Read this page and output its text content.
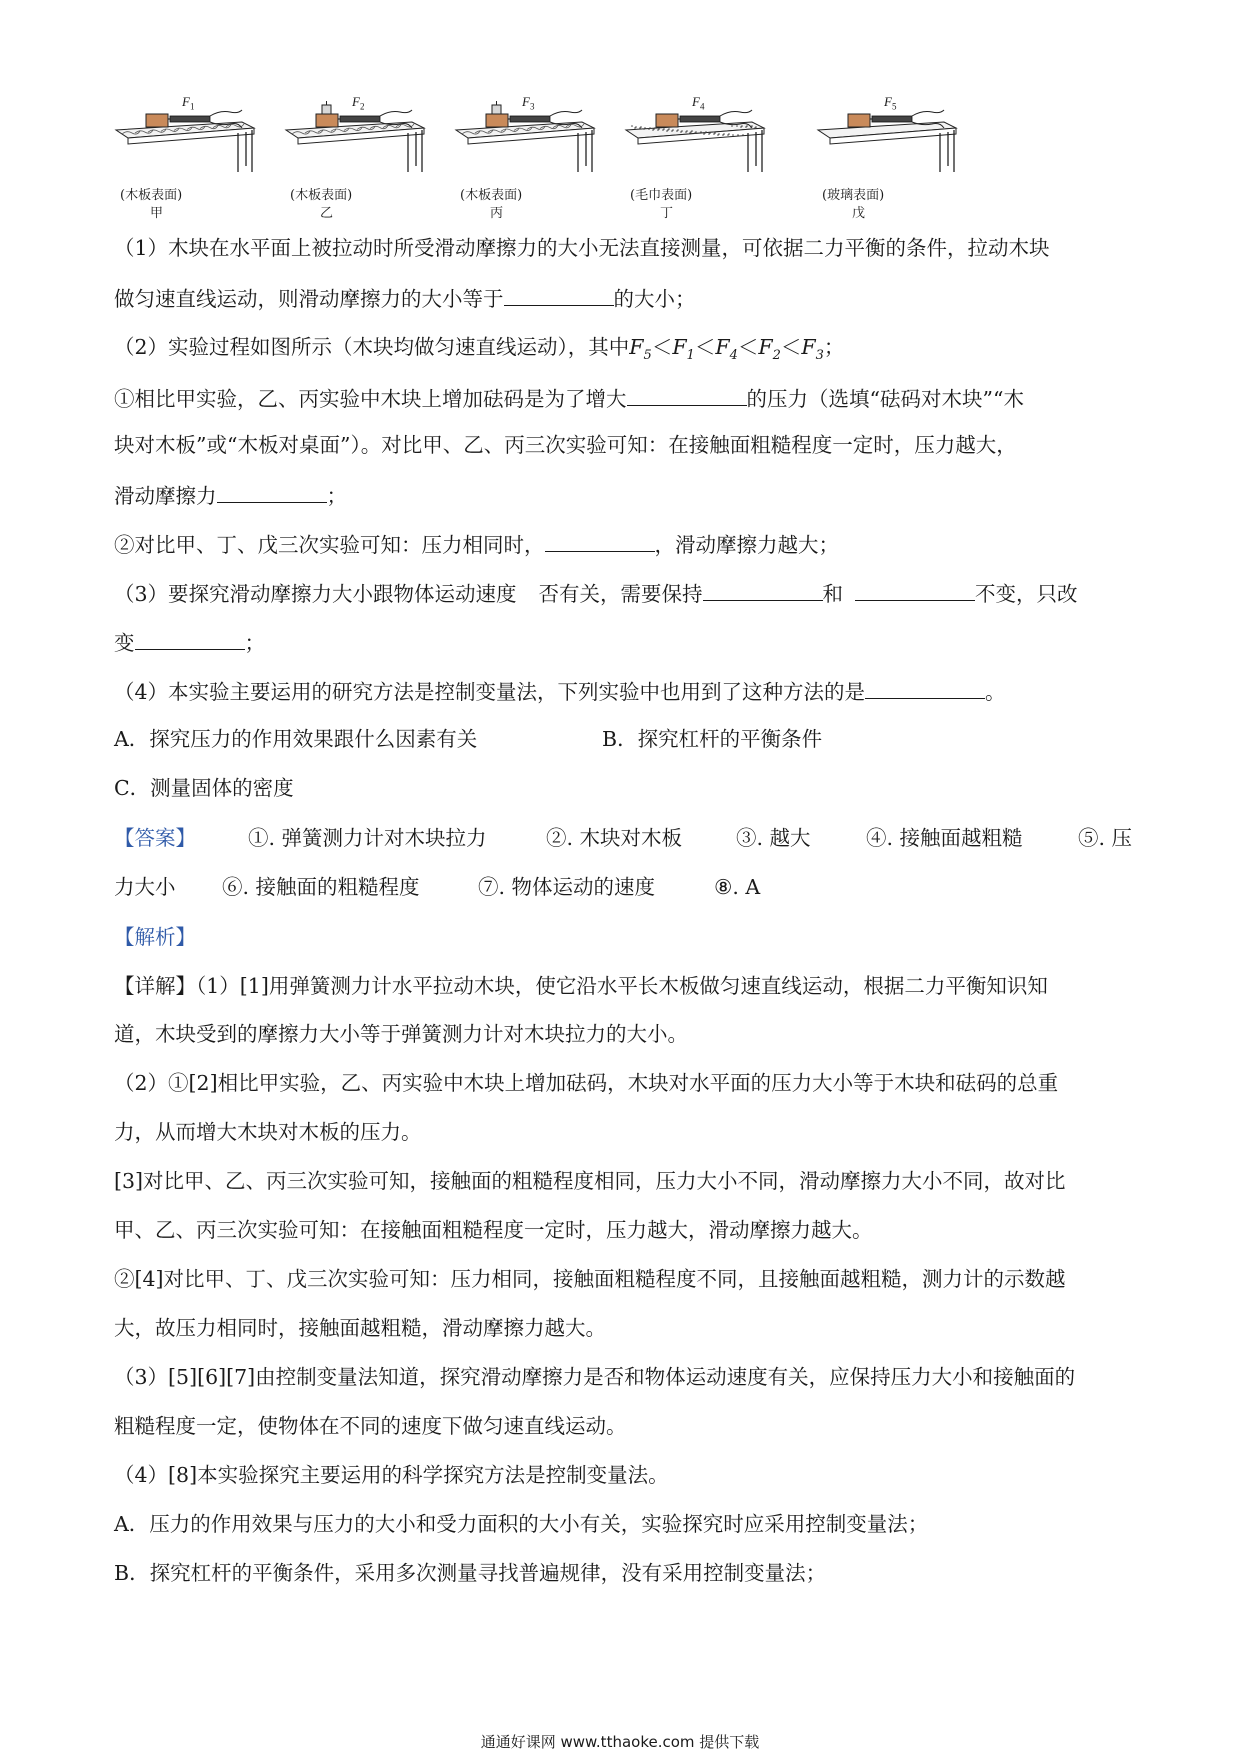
$F_1$
(木板表面)
甲
$F_2$
(木板表面)
乙
$F_3$
(木板表面)
丙
$F_4$
(毛巾表面)
丁
$F_5$
(玻璃表面)
戊
（1）木块在水平面上被拉动时所受滑动摩擦力的大小无法直接测量，可依据二力平衡的条件，拉动木块
做匀速直线运动，则滑动摩擦力的大小等于	的大小；
（2）实验过程如图所示（木块均做匀速直线运动），其中$F_5<F_1<F_4<F_2<F_3$；
①相比甲实验，乙、丙实验中木块上增加砝码是为了增大	的压力（选填“砝码对木块”“木
块对木板”或“木板对桌面”）。对比甲、乙、丙三次实验可知：在接触面粗糙程度一定时，压力越大，
滑动摩擦力	；
②对比甲、丁、戊三次实验可知：压力相同时，	，滑动摩擦力越大；
（3）要探究滑动摩擦力大小跟物体运动速度 否有关，需要保持	和	不变，只改
变	；
（4）本实验主要运用的研究方法是控制变量法，下列实验中也用到了这种方法的是	。
A．探究压力的作用效果跟什么因素有关	B．探究杠杆的平衡条件
C．测量固体的密度
【答案】	①. 弹簧测力计对木块拉力	②. 木块对木板	③. 越大	④. 接触面越粗糙	⑤. 压
力大小 ⑥. 接触面的粗糙程度	⑦. 物体运动的速度	⑧. A
【解析】
【详解】（1）[1]用弹簧测力计水平拉动木块，使它沿水平长木板做匀速直线运动，根据二力平衡知识知
道，木块受到的摩擦力大小等于弹簧测力计对木块拉力的大小。
（2）①[2]相比甲实验，乙、丙实验中木块上增加砝码，木块对水平面的压力大小等于木块和砝码的总重
力，从而增大木块对木板的压力。
[3]对比甲、乙、丙三次实验可知，接触面的粗糙程度相同，压力大小不同，滑动摩擦力大小不同，故对比
甲、乙、丙三次实验可知：在接触面粗糙程度一定时，压力越大，滑动摩擦力越大。
②[4]对比甲、丁、戊三次实验可知：压力相同，接触面粗糙程度不同，且接触面越粗糙，测力计的示数越
大，故压力相同时，接触面越粗糙，滑动摩擦力越大。
（3）[5][6][7]由控制变量法知道，探究滑动摩擦力是否和物体运动速度有关，应保持压力大小和接触面的
粗糙程度一定，使物体在不同的速度下做匀速直线运动。
（4）[8]本实验探究主要运用的科学探究方法是控制变量法。
A．压力的作用效果与压力的大小和受力面积的大小有关，实验探究时应采用控制变量法；
B．探究杠杆的平衡条件，采用多次测量寻找普遍规律，没有采用控制变量法；
通通好课网 www.tthaoke.com 提供下载
